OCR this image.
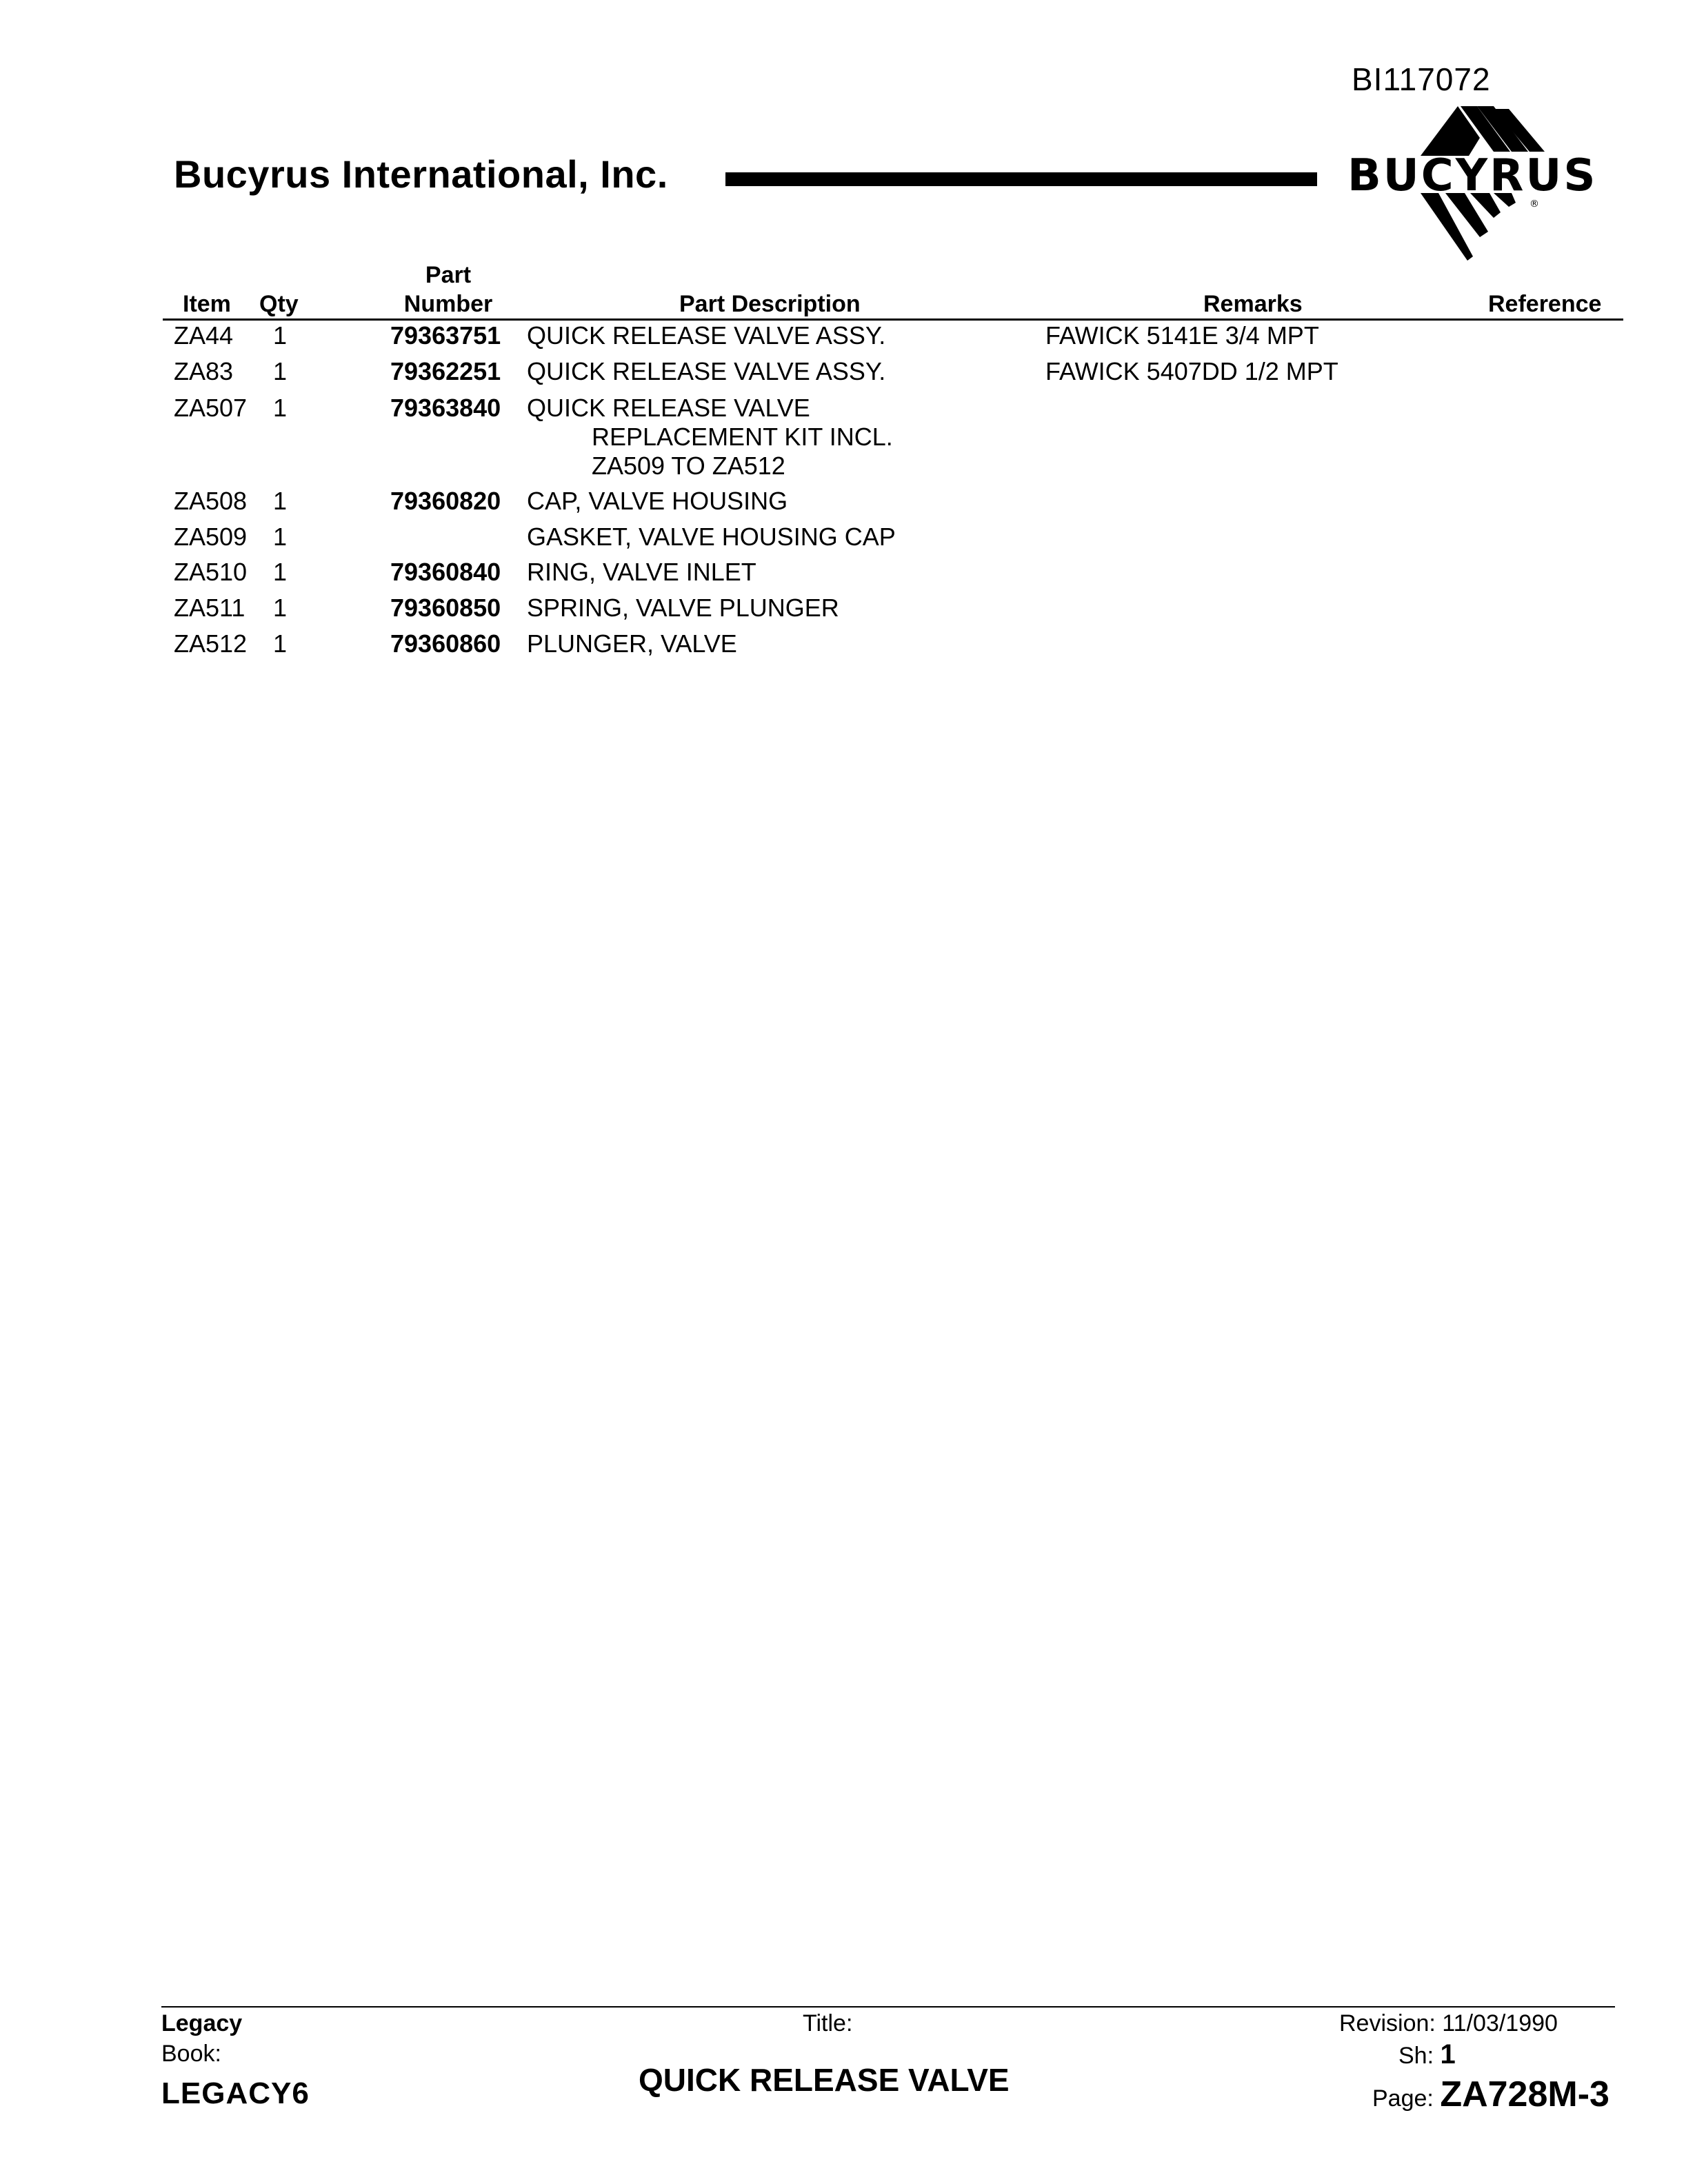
BI117072
Bucyrus International, Inc.
®
BUCYRUS
Item Qty
Part
Number	Part Description	Remarks	Reference
ZA44	1	79363751 QUICK RELEASE VALVE ASSY.	FAWICK 5141E 3/4 MPT
ZA83	1	79362251 QUICK RELEASE VALVE ASSY.	FAWICK 5407DD 1/2 MPT
ZA507	1	79363840 QUICK RELEASE VALVE
REPLACEMENT KIT INCL.
ZA509 TO ZA512
ZA508	1	79360820 CAP, VALVE HOUSING
ZA509	1	GASKET, VALVE HOUSING CAP
ZA510	1	79360840 RING, VALVE INLET
ZA511	1	79360850 SPRING, VALVE PLUNGER
ZA512	1	79360860 PLUNGER, VALVE
Legacy
Book:
LEGACY6
Title:
QUICK RELEASE VALVE
Revision: 11/03/1990
Sh: 1
Page: ZA728M-3
